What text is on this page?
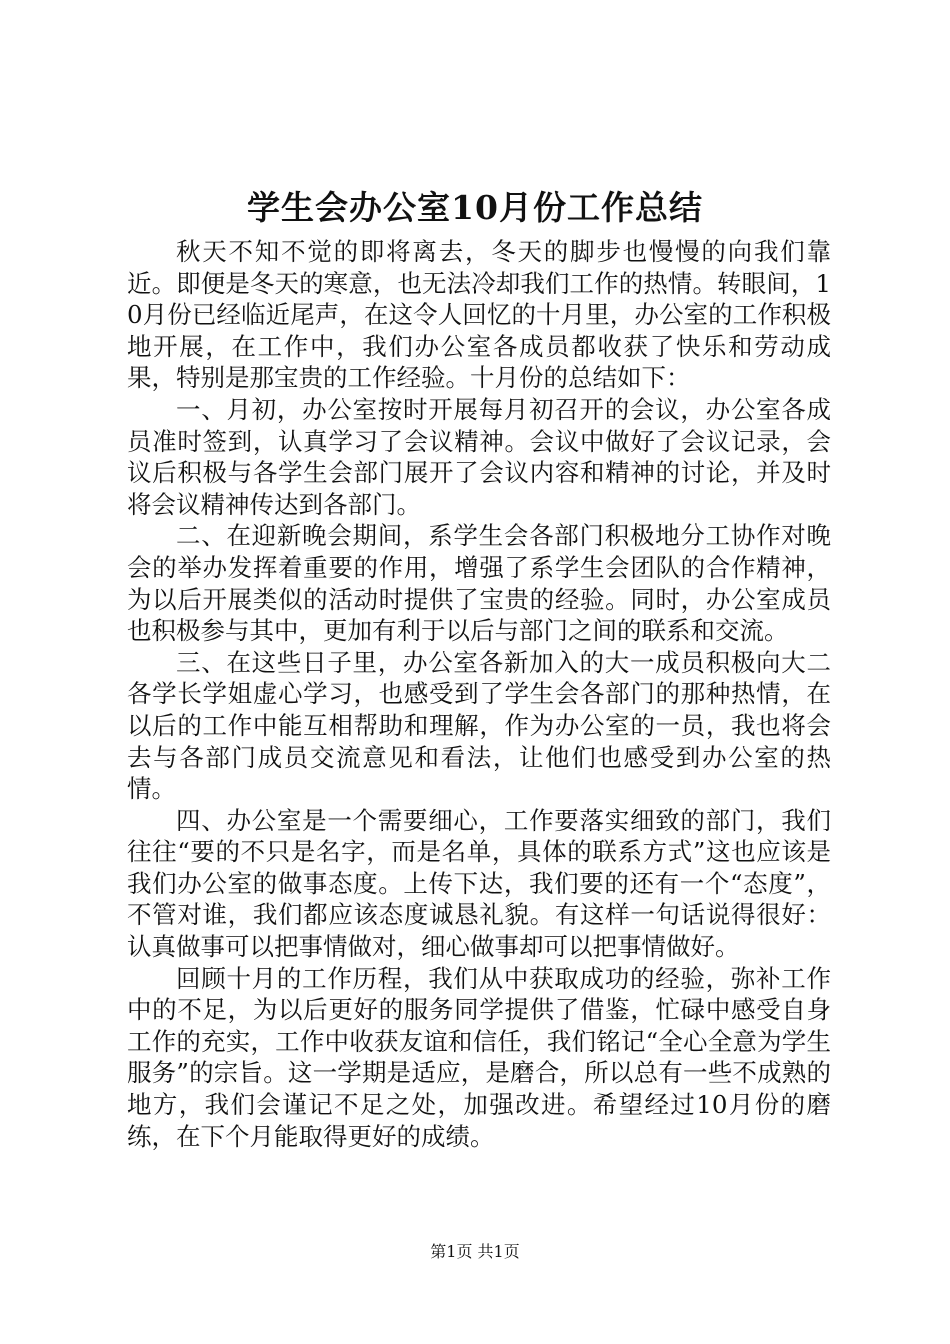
学生会办公室10月份工作总结

秋天不知不觉的即将离去，冬天的脚步也慢慢的向我们靠近。即便是冬天的寒意，也无法冷却我们工作的热情。转眼间，10月份已经临近尾声，在这令人回忆的十月里，办公室的工作积极地开展，在工作中，我们办公室各成员都收获了快乐和劳动成果，特别是那宝贵的工作经验。十月份的总结如下：

一、月初，办公室按时开展每月初召开的会议，办公室各成员准时签到，认真学习了会议精神。会议中做好了会议记录，会议后积极与各学生会部门展开了会议内容和精神的讨论，并及时将会议精神传达到各部门。

二、在迎新晚会期间，系学生会各部门积极地分工协作对晚会的举办发挥着重要的作用，增强了系学生会团队的合作精神，为以后开展类似的活动时提供了宝贵的经验。同时，办公室成员也积极参与其中，更加有利于以后与部门之间的联系和交流。

三、在这些日子里，办公室各新加入的大一成员积极向大二各学长学姐虚心学习，也感受到了学生会各部门的那种热情，在以后的工作中能互相帮助和理解，作为办公室的一员，我也将会去与各部门成员交流意见和看法，让他们也感受到办公室的热情。

四、办公室是一个需要细心，工作要落实细致的部门，我们往往“要的不只是名字，而是名单，具体的联系方式”这也应该是我们办公室的做事态度。上传下达，我们要的还有一个“态度”，不管对谁，我们都应该态度诚恳礼貌。有这样一句话说得很好：认真做事可以把事情做对，细心做事却可以把事情做好。

回顾十月的工作历程，我们从中获取成功的经验，弥补工作中的不足，为以后更好的服务同学提供了借鉴，忙碌中感受自身工作的充实，工作中收获友谊和信任，我们铭记“全心全意为学生服务”的宗旨。这一学期是适应，是磨合，所以总有一些不成熟的地方，我们会谨记不足之处，加强改进。希望经过10月份的磨练，在下个月能取得更好的成绩。

第1页 共1页
